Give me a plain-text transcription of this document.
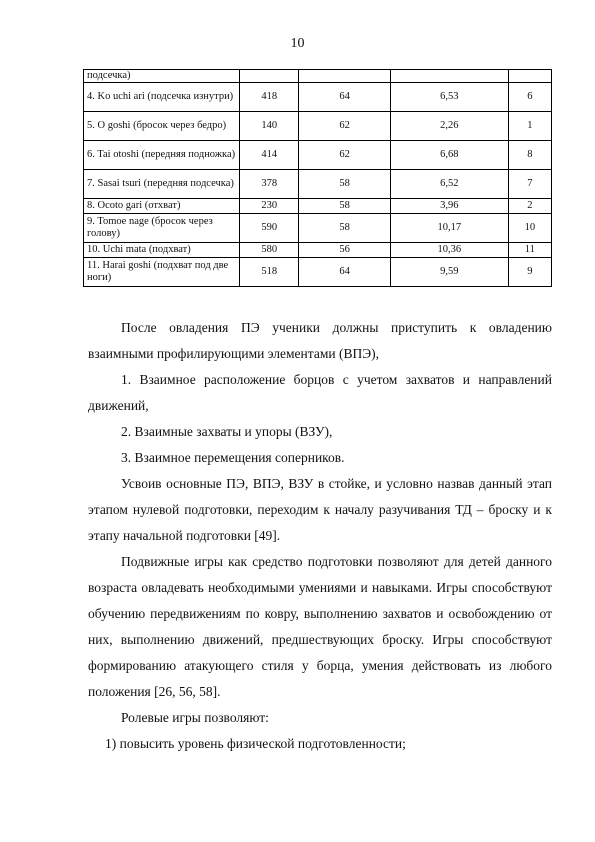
10
подсечка)				
4. Ko uchi ari (подсечка изнутри)	418	64	6,53	6
5. O goshi (бросок через бедро)	140	62	2,26	1
6. Tai otoshi (передняя подножка)	414	62	6,68	8
7. Sasai tsuri (передняя подсечка)	378	58	6,52	7
8. Ocoto gari (отхват)	230	58	3,96	2
9. Tomoe nage (бросок через голову)	590	58	10,17	10
10. Uchi mata (подхват)	580	56	10,36	11
11. Harai goshi (подхват под две ноги)	518	64	9,59	9

После овладения ПЭ ученики должны приступить к овладению взаимными профилирующими элементами (ВПЭ),

1. Взаимное расположение борцов с учетом захватов и направлений движений,

2. Взаимные захваты и упоры (ВЗУ),

3. Взаимное перемещения соперников.

Усвоив основные ПЭ, ВПЭ, ВЗУ в стойке, и условно назвав данный этап этапом нулевой подготовки, переходим к началу разучивания ТД – броску и к этапу начальной подготовки [49].

Подвижные игры как средство подготовки позволяют для детей данного возраста овладевать необходимыми умениями и навыками. Игры способствуют обучению передвижениям по ковру, выполнению захватов и освобождению от них, выполнению движений, предшествующих броску. Игры способствуют формированию атакующего стиля у борца, умения действовать из любого положения [26, 56, 58].

Ролевые игры позволяют:

1) повысить уровень физической подготовленности;
